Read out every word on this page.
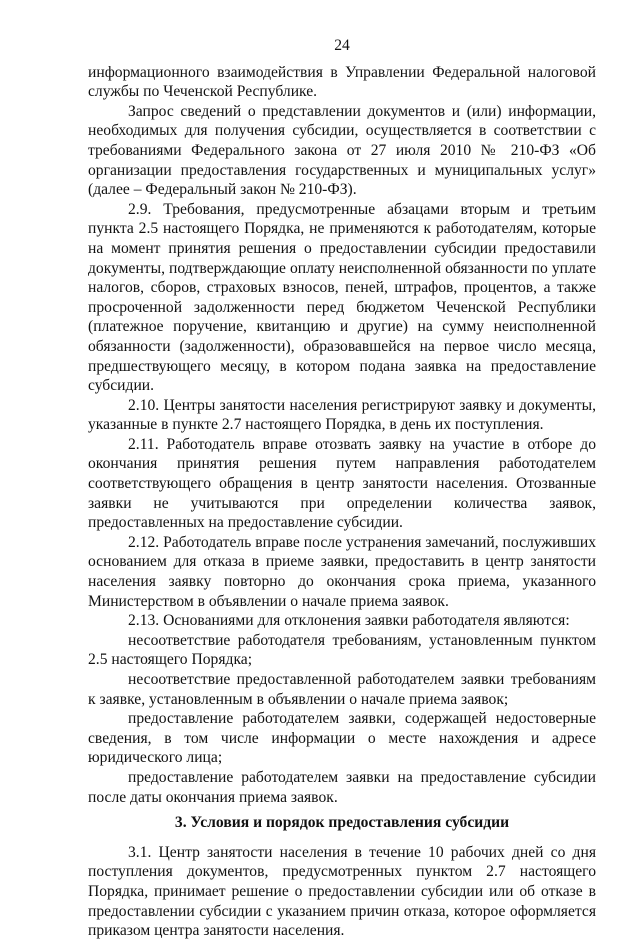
24

информационного взаимодействия в Управлении Федеральной налоговой службы по Чеченской Республике.

Запрос сведений о представлении документов и (или) информации, необходимых для получения субсидии, осуществляется в соответствии с требованиями Федерального закона от 27 июля 2010 № 210-ФЗ «Об организации предоставления государственных и муниципальных услуг» (далее – Федеральный закон № 210-ФЗ).

2.9. Требования, предусмотренные абзацами вторым и третьим пункта 2.5 настоящего Порядка, не применяются к работодателям, которые на момент принятия решения о предоставлении субсидии предоставили документы, подтверждающие оплату неисполненной обязанности по уплате налогов, сборов, страховых взносов, пеней, штрафов, процентов, а также просроченной задолженности перед бюджетом Чеченской Республики (платежное поручение, квитанцию и другие) на сумму неисполненной обязанности (задолженности), образовавшейся на первое число месяца, предшествующего месяцу, в котором подана заявка на предоставление субсидии.

2.10. Центры занятости населения регистрируют заявку и документы, указанные в пункте 2.7 настоящего Порядка, в день их поступления.

2.11. Работодатель вправе отозвать заявку на участие в отборе до окончания принятия решения путем направления работодателем соответствующего обращения в центр занятости населения. Отозванные заявки не учитываются при определении количества заявок, предоставленных на предоставление субсидии.

2.12. Работодатель вправе после устранения замечаний, послуживших основанием для отказа в приеме заявки, предоставить в центр занятости населения заявку повторно до окончания срока приема, указанного Министерством в объявлении о начале приема заявок.

2.13. Основаниями для отклонения заявки работодателя являются:

несоответствие работодателя требованиям, установленным пунктом 2.5 настоящего Порядка;

несоответствие предоставленной работодателем заявки требованиям к заявке, установленным в объявлении о начале приема заявок;

предоставление работодателем заявки, содержащей недостоверные сведения, в том числе информации о месте нахождения и адресе юридического лица;

предоставление работодателем заявки на предоставление субсидии после даты окончания приема заявок.

3. Условия и порядок предоставления субсидии

3.1. Центр занятости населения в течение 10 рабочих дней со дня поступления документов, предусмотренных пунктом 2.7 настоящего Порядка, принимает решение о предоставлении субсидии или об отказе в предоставлении субсидии с указанием причин отказа, которое оформляется приказом центра занятости населения.
